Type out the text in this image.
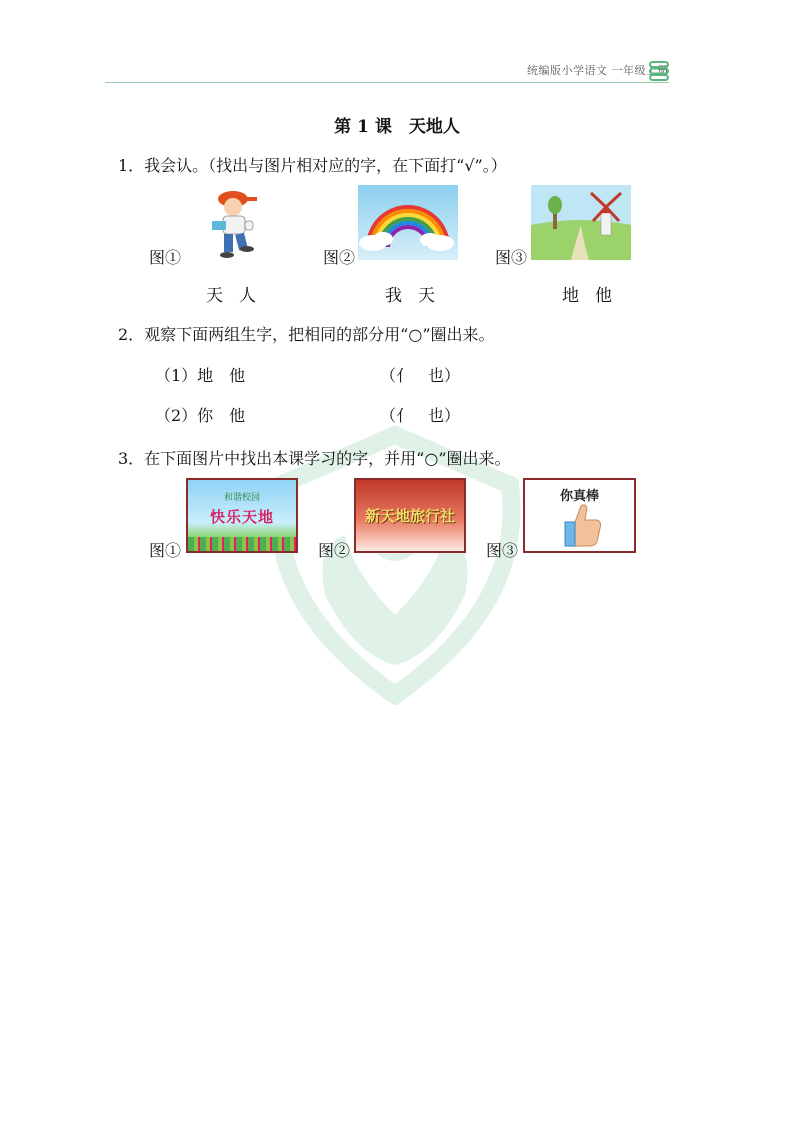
统编版小学语文 一年级上册
第 1 课　天地人
1．我会认。（找出与图片相对应的字，在下面打“√”。）
图①
天人
图②
我天
图③
地他
2．观察下面两组生字，把相同的部分用“○”圈出来。
（1）地　他	（亻　也）
（2）你　他	（亻　也）
3．在下面图片中找出本课学习的字，并用“○”圈出来。
图①
和谐校园
快乐天地
图②
新天地旅行社
图③
你真棒
